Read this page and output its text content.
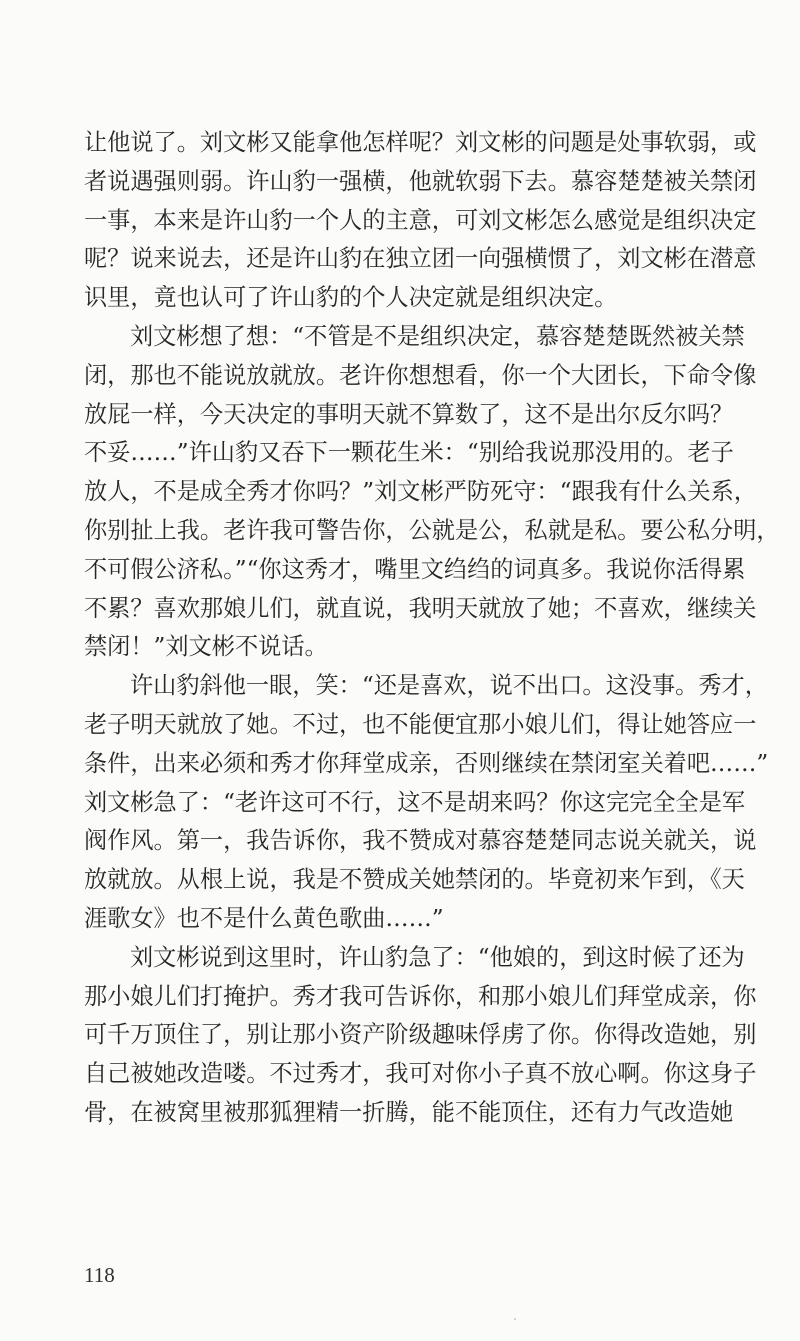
让他说了。刘文彬又能拿他怎样呢？刘文彬的问题是处事软弱，或
者说遇强则弱。许山豹一强横，他就软弱下去。慕容楚楚被关禁闭
一事，本来是许山豹一个人的主意，可刘文彬怎么感觉是组织决定
呢？说来说去，还是许山豹在独立团一向强横惯了，刘文彬在潜意
识里，竟也认可了许山豹的个人决定就是组织决定。

刘文彬想了想：“不管是不是组织决定，慕容楚楚既然被关禁
闭，那也不能说放就放。老许你想想看，你一个大团长，下命令像
放屁一样，今天决定的事明天就不算数了，这不是出尔反尔吗？
不妥……”许山豹又吞下一颗花生米：“别给我说那没用的。老子
放人，不是成全秀才你吗？”刘文彬严防死守：“跟我有什么关系，
你别扯上我。老许我可警告你，公就是公，私就是私。要公私分明，
不可假公济私。”“你这秀才，嘴里文绉绉的词真多。我说你活得累
不累？喜欢那娘儿们，就直说，我明天就放了她；不喜欢，继续关
禁闭！”刘文彬不说话。

许山豹斜他一眼，笑：“还是喜欢，说不出口。这没事。秀才，
老子明天就放了她。不过，也不能便宜那小娘儿们，得让她答应一
条件，出来必须和秀才你拜堂成亲，否则继续在禁闭室关着吧……”
刘文彬急了：“老许这可不行，这不是胡来吗？你这完完全全是军
阀作风。第一，我告诉你，我不赞成对慕容楚楚同志说关就关，说
放就放。从根上说，我是不赞成关她禁闭的。毕竟初来乍到，《天
涯歌女》也不是什么黄色歌曲……”

刘文彬说到这里时，许山豹急了：“他娘的，到这时候了还为
那小娘儿们打掩护。秀才我可告诉你，和那小娘儿们拜堂成亲，你
可千万顶住了，别让那小资产阶级趣味俘虏了你。你得改造她，别
自己被她改造喽。不过秀才，我可对你小子真不放心啊。你这身子
骨，在被窝里被那狐狸精一折腾，能不能顶住，还有力气改造她

118
